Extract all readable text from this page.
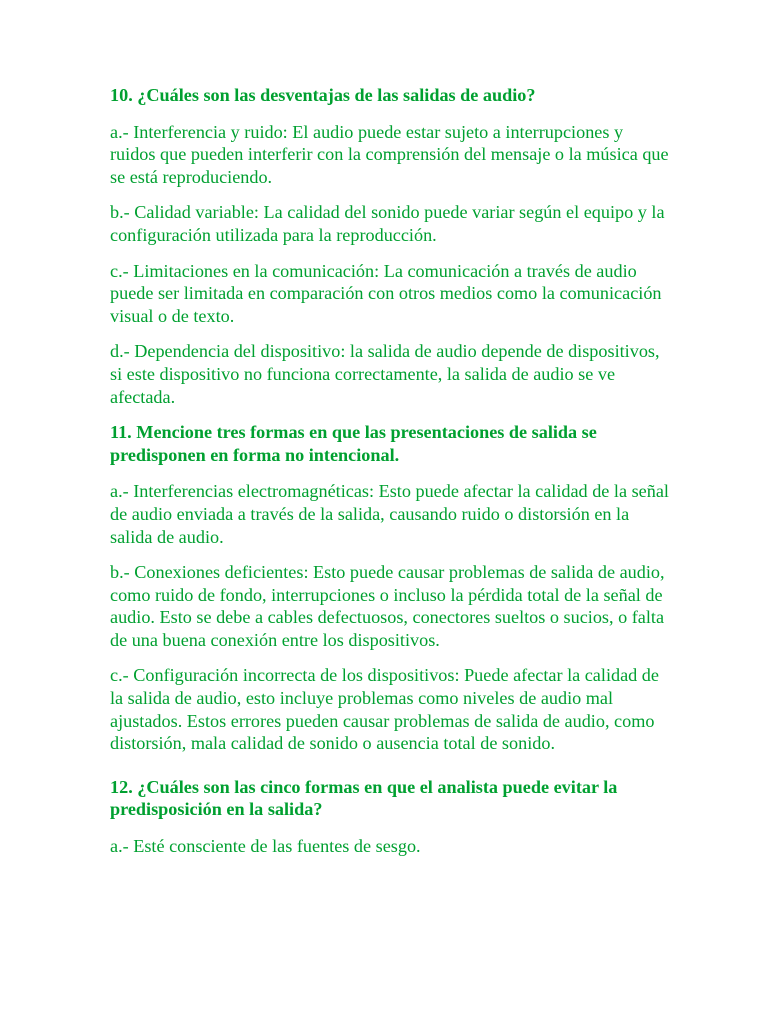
10. ¿Cuáles son las desventajas de las salidas de audio?

a.- Interferencia y ruido: El audio puede estar sujeto a interrupciones y ruidos que pueden interferir con la comprensión del mensaje o la música que se está reproduciendo.

b.- Calidad variable: La calidad del sonido puede variar según el equipo y la configuración utilizada para la reproducción.

c.- Limitaciones en la comunicación: La comunicación a través de audio puede ser limitada en comparación con otros medios como la comunicación visual o de texto.

d.- Dependencia del dispositivo: la salida de audio depende de dispositivos, si este dispositivo no funciona correctamente, la salida de audio se ve afectada.

11. Mencione tres formas en que las presentaciones de salida se predisponen en forma no intencional.

a.- Interferencias electromagnéticas: Esto puede afectar la calidad de la señal de audio enviada a través de la salida, causando ruido o distorsión en la salida de audio.

b.- Conexiones deficientes: Esto puede causar problemas de salida de audio, como ruido de fondo, interrupciones o incluso la pérdida total de la señal de audio. Esto se debe a cables defectuosos, conectores sueltos o sucios, o falta de una buena conexión entre los dispositivos.

c.- Configuración incorrecta de los dispositivos: Puede afectar la calidad de la salida de audio, esto incluye problemas como niveles de audio mal ajustados. Estos errores pueden causar problemas de salida de audio, como distorsión, mala calidad de sonido o ausencia total de sonido.

12. ¿Cuáles son las cinco formas en que el analista puede evitar la predisposición en la salida?

a.- Esté consciente de las fuentes de sesgo.
